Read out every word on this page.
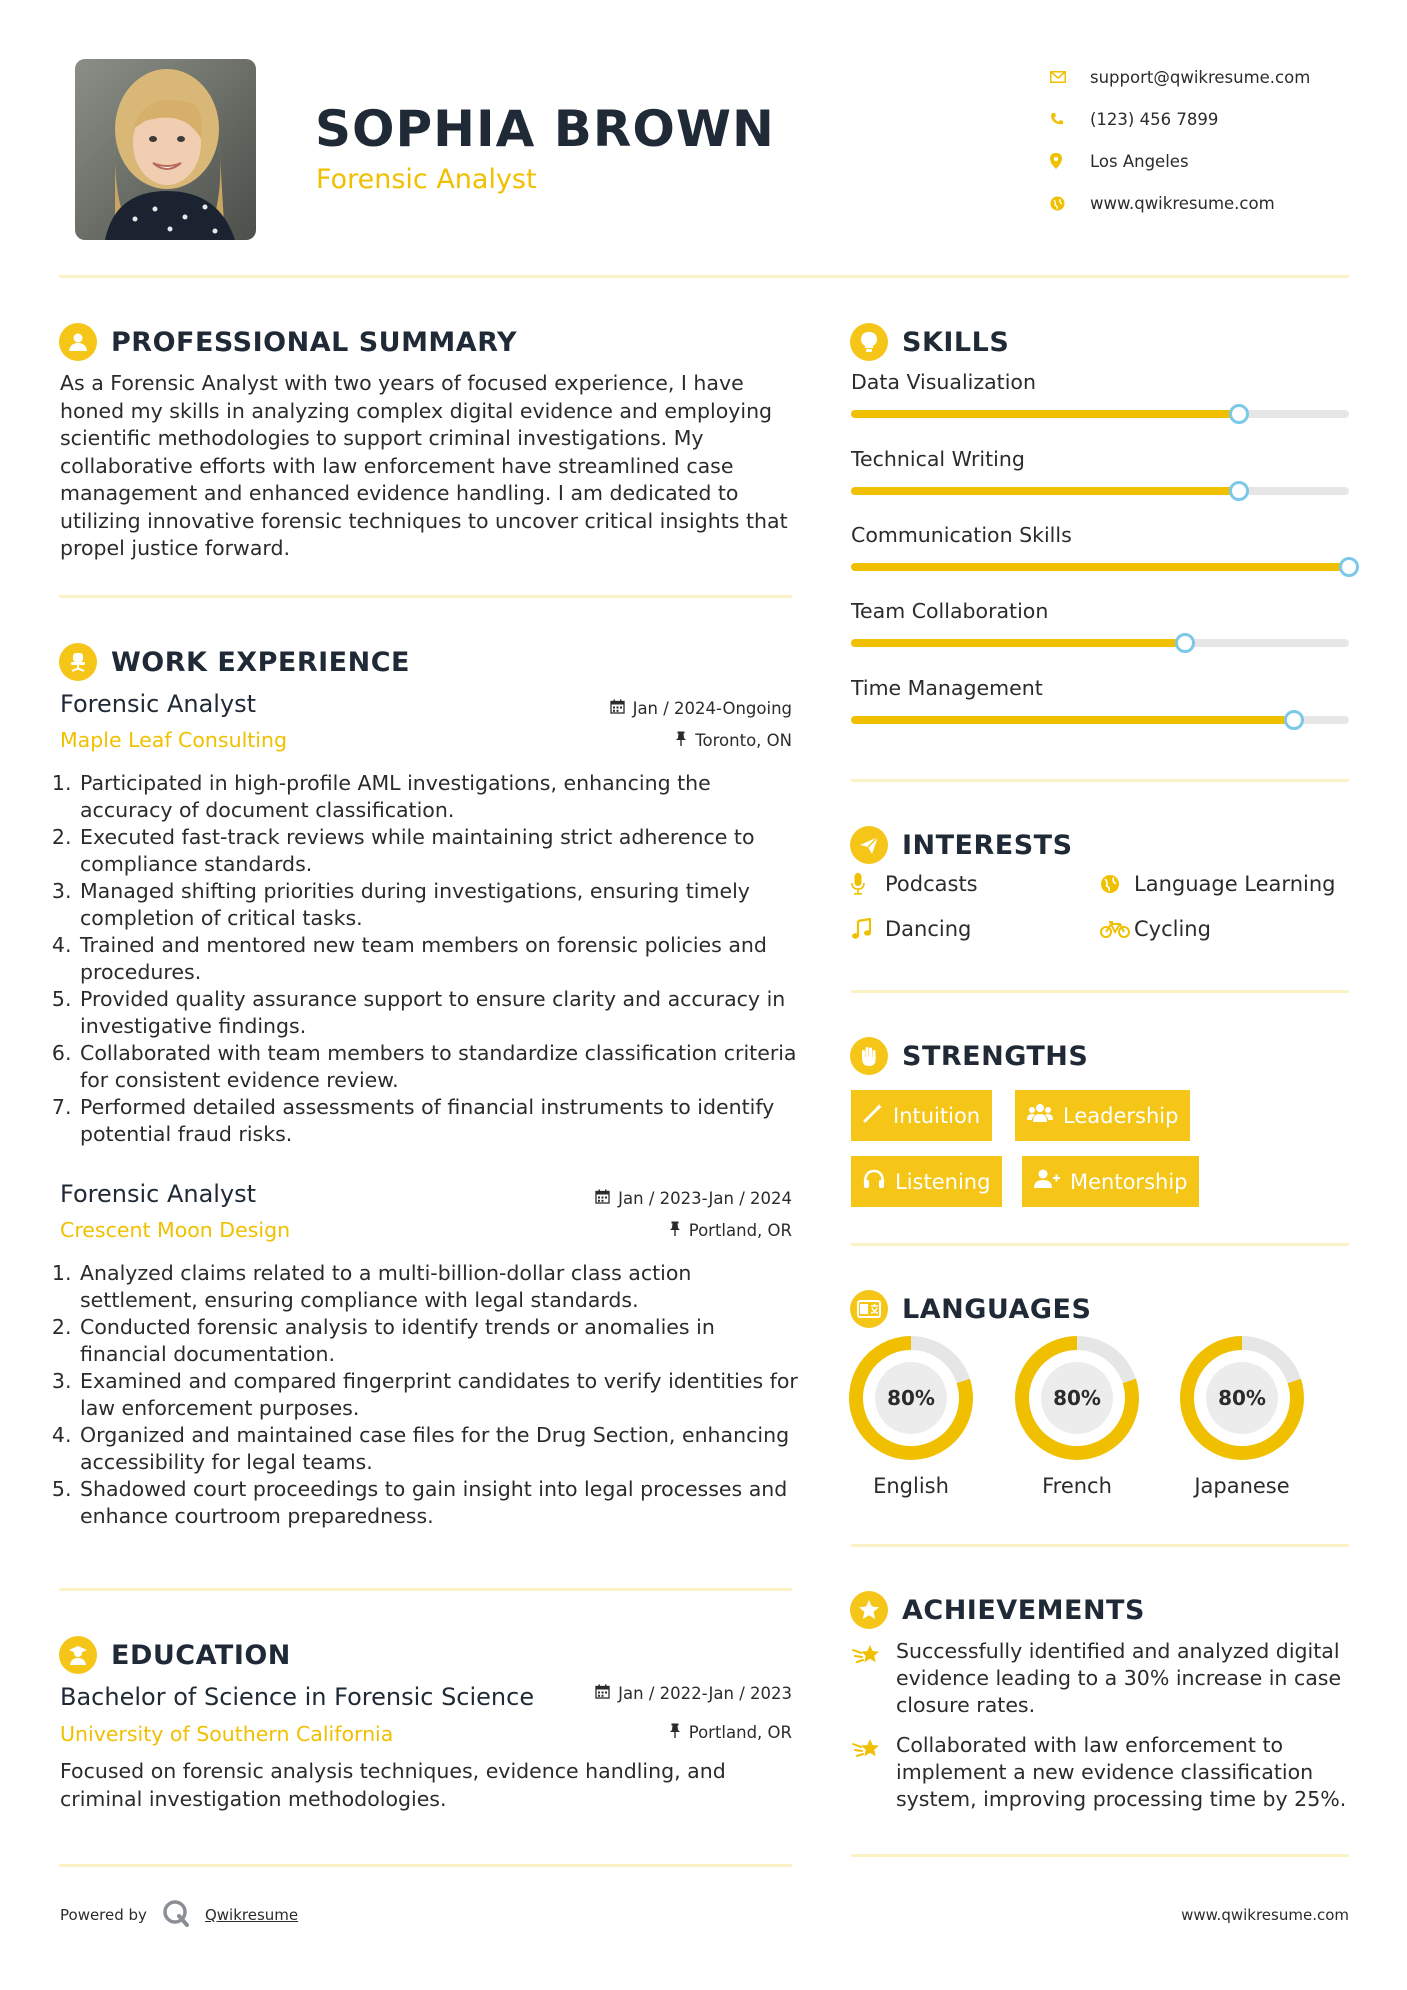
SOPHIA BROWN
Forensic Analyst
support@qwikresume.com
(123) 456 7899
Los Angeles
www.qwikresume.com
PROFESSIONAL SUMMARY
As a Forensic Analyst with two years of focused experience, I have honed my skills in analyzing complex digital evidence and employing scientific methodologies to support criminal investigations. My collaborative efforts with law enforcement have streamlined case management and enhanced evidence handling. I am dedicated to utilizing innovative forensic techniques to uncover critical insights that propel justice forward.
WORK EXPERIENCE
Forensic Analyst	Jan / 2024-Ongoing
Maple Leaf Consulting	Toronto, ON
1. Participated in high-profile AML investigations, enhancing the accuracy of document classification.
2. Executed fast-track reviews while maintaining strict adherence to compliance standards.
3. Managed shifting priorities during investigations, ensuring timely completion of critical tasks.
4. Trained and mentored new team members on forensic policies and procedures.
5. Provided quality assurance support to ensure clarity and accuracy in investigative findings.
6. Collaborated with team members to standardize classification criteria for consistent evidence review.
7. Performed detailed assessments of financial instruments to identify potential fraud risks.
Forensic Analyst	Jan / 2023-Jan / 2024
Crescent Moon Design	Portland, OR
1. Analyzed claims related to a multi-billion-dollar class action settlement, ensuring compliance with legal standards.
2. Conducted forensic analysis to identify trends or anomalies in financial documentation.
3. Examined and compared fingerprint candidates to verify identities for law enforcement purposes.
4. Organized and maintained case files for the Drug Section, enhancing accessibility for legal teams.
5. Shadowed court proceedings to gain insight into legal processes and enhance courtroom preparedness.
EDUCATION
Bachelor of Science in Forensic Science	Jan / 2022-Jan / 2023
University of Southern California	Portland, OR
Focused on forensic analysis techniques, evidence handling, and criminal investigation methodologies.
SKILLS
Data Visualization
Technical Writing
Communication Skills
Team Collaboration
Time Management
INTERESTS
Podcasts	Language Learning
Dancing	Cycling
STRENGTHS
Intuition	Leadership
Listening	Mentorship
LANGUAGES
80%
English
80%
French
80%
Japanese
ACHIEVEMENTS
Successfully identified and analyzed digital evidence leading to a 30% increase in case closure rates.
Collaborated with law enforcement to implement a new evidence classification system, improving processing time by 25%.
Powered by	Qwikresume	www.qwikresume.com
